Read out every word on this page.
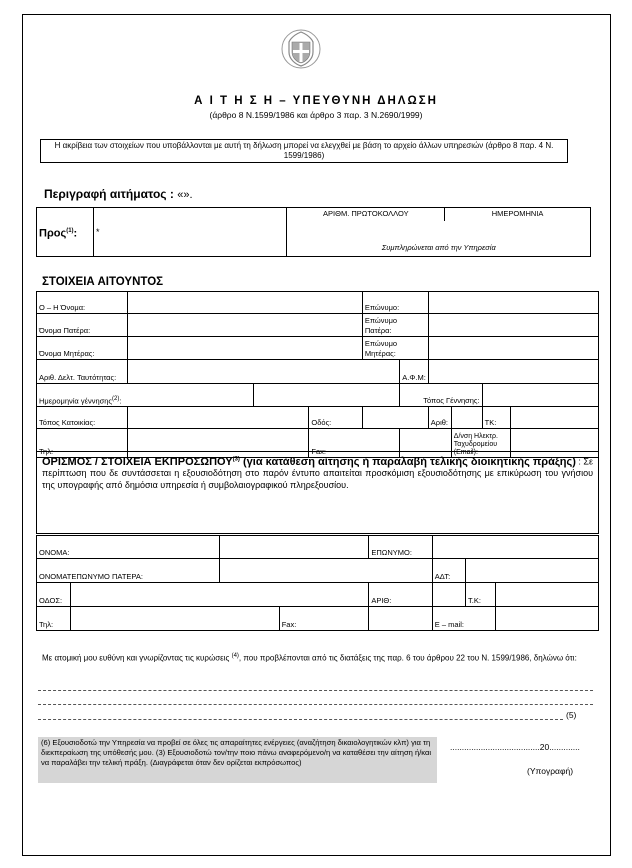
Α Ι Τ Η Σ Η – ΥΠΕΥΘΥΝΗ ΔΗΛΩΣΗ
(άρθρο 8 Ν.1599/1986 και άρθρο 3 παρ. 3 Ν.2690/1999)
Η ακρίβεια των στοιχείων που υποβάλλονται με αυτή τη δήλωση μπορεί να ελεγχθεί με βάση το αρχείο άλλων υπηρεσιών (άρθρο 8 παρ. 4 Ν. 1599/1986)
Περιγραφή αιτήματος : «».
Προς$^{(1)}$:	*	ΑΡΙΘΜ. ΠΡΩΤΟΚΟΛΛΟΥ	ΗΜΕΡΟΜΗΝΙΑ
Συμπληρώνεται από την Υπηρεσία
ΣΤΟΙΧΕΙΑ ΑΙΤΟΥΝΤΟΣ
Ο – Η Όνομα:				Επώνυμο:					
Όνομα Πατέρα:				Επώνυμο Πατέρα:					
Όνομα Μητέρας:				Επώνυμο Μητέρας:					
Αριθ. Δελτ. Ταυτότητας:					Α.Φ.Μ:				
Ημερομηνία γέννησης$^{(2)}$:					Τόπος Γέννησης:				
Τόπος Κατοικίας:			Οδός:			Αριθ:		ΤΚ:	
Τηλ:			Fax:				Δ/νση Ηλεκτρ. Ταχυδρομείου (Email):		
ΟΡΙΣΜΟΣ / ΣΤΟΙΧΕΙΑ ΕΚΠΡΟΣΩΠΟΥ$^{(3)}$ (για κατάθεση αίτησης ή παραλαβή τελικής διοικητικής πράξης) : Σε περίπτωση που δε συντάσσεται η εξουσιοδότηση στο παρόν έντυπο απαιτείται προσκόμιση εξουσιοδότησης με επικύρωση του γνήσιου της υπογραφής από δημόσια υπηρεσία ή συμβολαιογραφικού πληρεξουσίου.
ΟΝΟΜΑ:				ΕΠΩΝΥΜΟ:			
ΟΝΟΜΑΤΕΠΩΝΥΜΟ ΠΑΤΕΡΑ:					ΑΔΤ:		
ΟΔΟΣ:				ΑΡΙΘ:		Τ.Κ:	
Τηλ:			Fax:		Ε – mail:		
Με ατομική μου ευθύνη και γνωρίζοντας τις κυρώσεις $^{(4)}$, που προβλέπονται από τις διατάξεις της παρ. 6 του άρθρου 22 του Ν. 1599/1986, δηλώνω ότι:
(5)
(6) Εξουσιοδοτώ την Υπηρεσία να προβεί σε όλες τις απαραίτητες ενέργειες (αναζήτηση δικαιολογητικών κλπ) για τη διεκπεραίωση της υπόθεσής μου. (3) Εξουσιοδοτώ τον/την ποιο πάνω αναφερόμενο/η να καταθέσει την αίτηση ή/και να παραλάβει την τελική πράξη. (Διαγράφεται όταν δεν ορίζεται εκπρόσωπος)
......................................20.............
(Υπογραφή)
